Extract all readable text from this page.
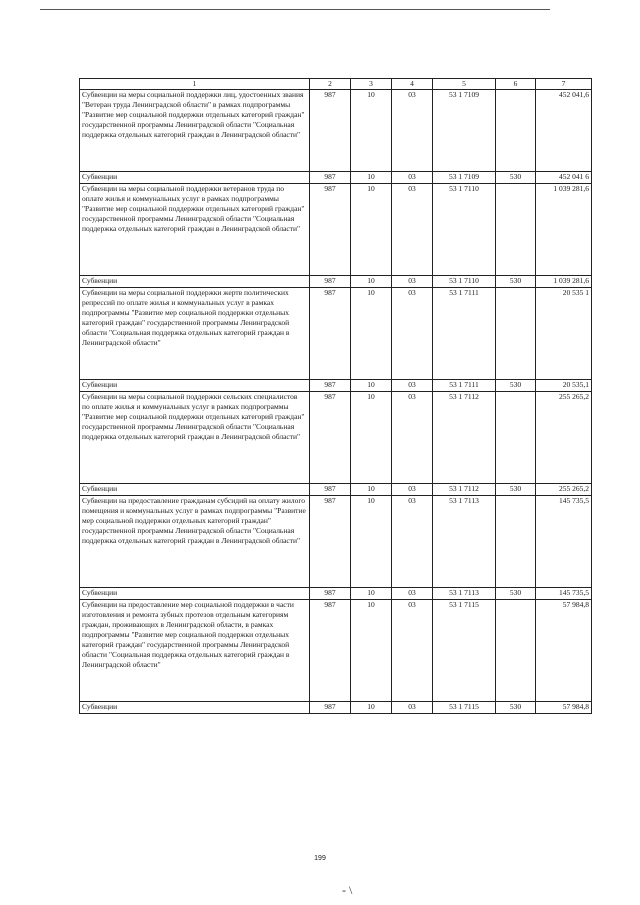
1	2	3	4	5	6	7
Субвенции на меры социальной поддержки лиц, удостоенных звания "Ветеран труда Ленинградской области" в рамках подпрограммы "Развитие мер социальной поддержки отдельных категорий граждан" государственной программы Ленинградской области "Социальная поддержка отдельных категорий граждан в Ленинградской области"	987	10	03	53 1 7109		452 041,6
Субвенции	987	10	03	53 1 7109	530	452 041 6
Субвенции на меры социальной поддержки ветеранов труда по оплате жилья и коммунальных услуг в рамках подпрограммы "Развитие мер социальной поддержки отдельных категорий граждан" государственной программы Ленинградской области "Социальная поддержка отдельных категорий граждан в Ленинградской области"	987	10	03	53 1 7110		1 039 281,6
Субвенции	987	10	03	53 1 7110	530	1 039 281,6
Субвенции на меры социальной поддержки жертв политических репрессий по оплате жилья и коммунальных услуг в рамках подпрограммы "Развитие мер социальной поддержки отдельных категорий граждан" государственной программы Ленинградской области "Социальная поддержка отдельных категорий граждан в Ленинградской области"	987	10	03	53 1 7111		20 535 1
Субвенции	987	10	03	53 1 7111	530	20 535,1
Субвенции на меры социальной поддержки сельских специалистов по оплате жилья и коммунальных услуг в рамках подпрограммы "Развитие мер социальной поддержки отдельных категорий граждан" государственной программы Ленинградской области "Социальная поддержка отдельных категорий граждан в Ленинградской области"	987	10	03	53 1 7112		255 265,2
Субвенции	987	10	03	53 1 7112	530	255 265,2
Субвенции на предоставление гражданам субсидий на оплату жилого помещения и коммунальных услуг в рамках подпрограммы "Развитие мер социальной поддержки отдельных категорий граждан" государственной программы Ленинградской области "Социальная поддержка отдельных категорий граждан в Ленинградской области"	987	10	03	53 1 7113		145 735,5
Субвенции	987	10	03	53 1 7113	530	145 735,5
Субвенции на предоставление мер социальной поддержки в части изготовления и ремонта зубных протезов отдельным категориям граждан, проживающих в Ленинградской области, в рамках подпрограммы "Развитие мер социальной поддержки отдельных категорий граждан" государственной программы Ленинградской области "Социальная поддержка отдельных категорий граждан в Ленинградской области"	987	10	03	53 1 7115		57 984,8
Субвенции	987	10	03	53 1 7115	530	57 984,8
199
- \
